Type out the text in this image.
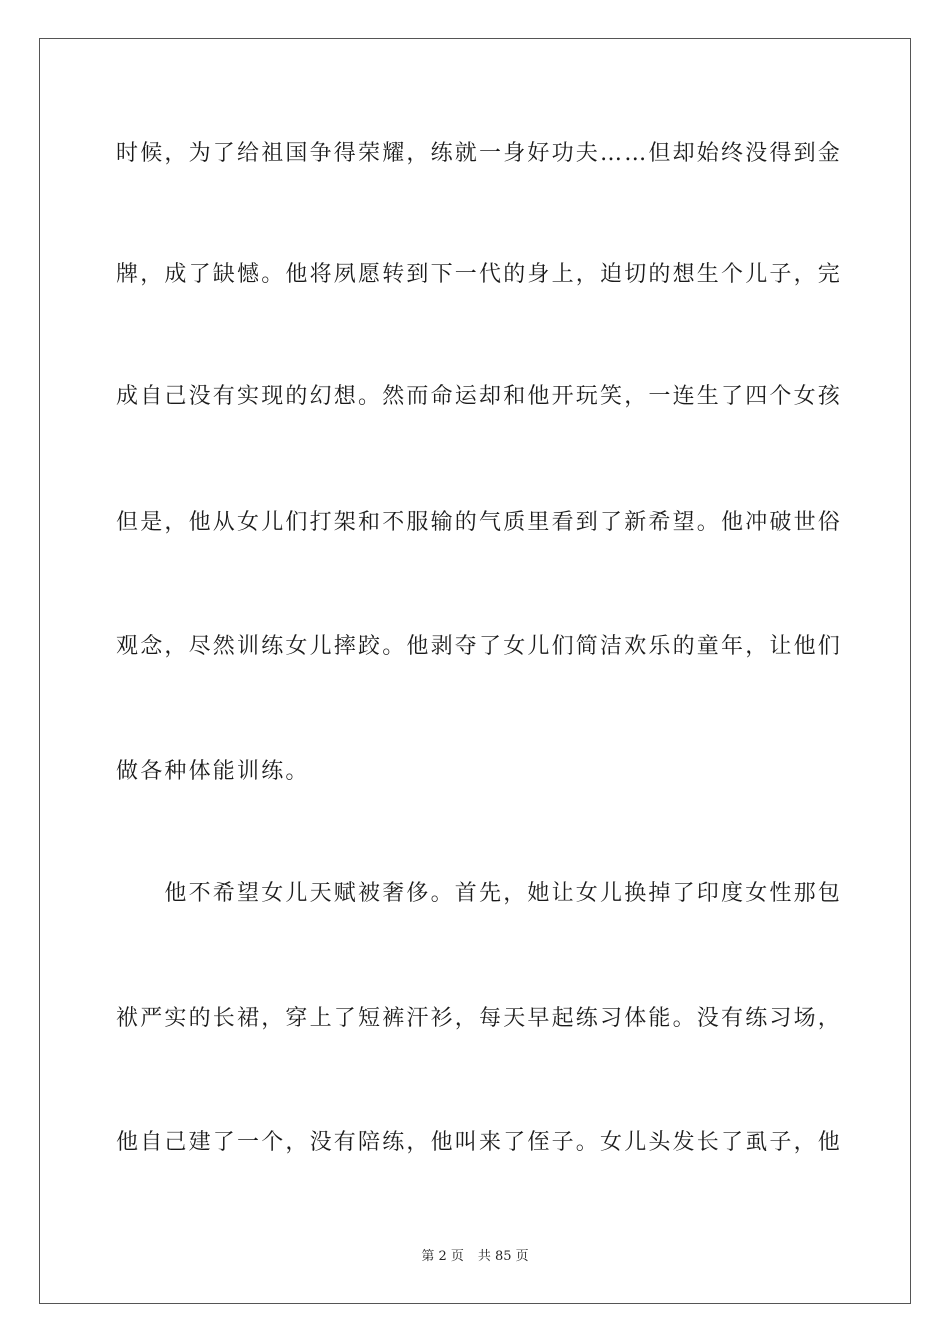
时候，为了给祖国争得荣耀，练就一身好功夫……但却始终没得到金
牌，成了缺憾。他将夙愿转到下一代的身上，迫切的想生个儿子，完
成自己没有实现的幻想。然而命运却和他开玩笑，一连生了四个女孩
但是，他从女儿们打架和不服输的气质里看到了新希望。他冲破世俗
观念，尽然训练女儿摔跤。他剥夺了女儿们简洁欢乐的童年，让他们
做各种体能训练。
　　他不希望女儿天赋被奢侈。首先，她让女儿换掉了印度女性那包
袱严实的长裙，穿上了短裤汗衫，每天早起练习体能。没有练习场，
他自己建了一个，没有陪练，他叫来了侄子。女儿头发长了虱子，他
第 2 页 共 85 页
